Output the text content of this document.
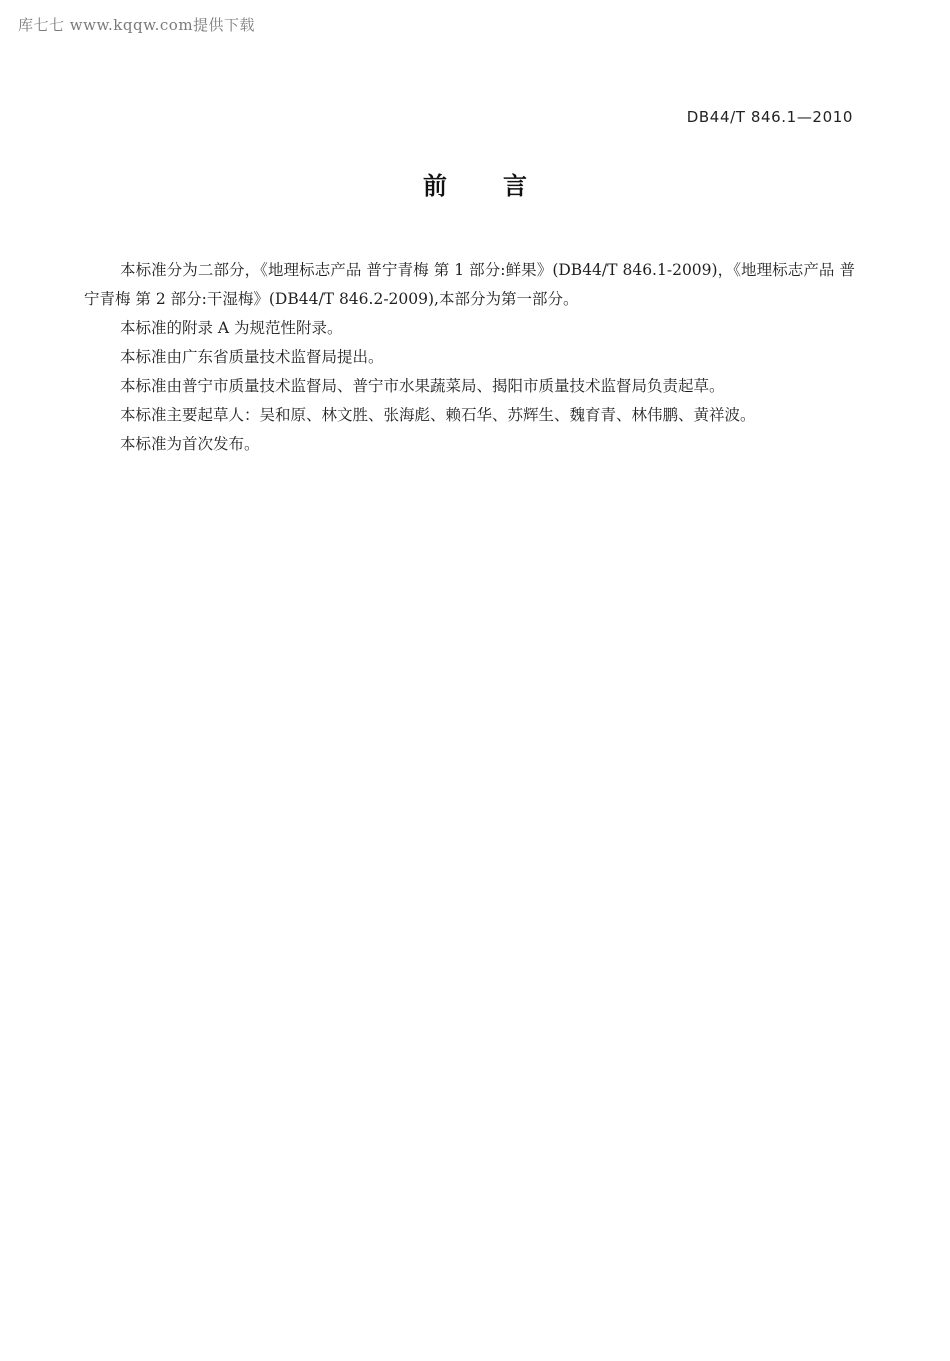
库七七 www.kqqw.com提供下载
DB44/T 846.1—2010
前言

本标准分为二部分，《地理标志产品 普宁青梅 第 1 部分:鲜果》(DB44/T 846.1-2009)，《地理标志产品 普宁青梅 第 2 部分:干湿梅》(DB44/T 846.2-2009),本部分为第一部分。

本标准的附录 A 为规范性附录。

本标准由广东省质量技术监督局提出。

本标准由普宁市质量技术监督局、普宁市水果蔬菜局、揭阳市质量技术监督局负责起草。

本标准主要起草人：吴和原、林文胜、张海彪、赖石华、苏辉生、魏育青、林伟鹏、黄祥波。

本标准为首次发布。
